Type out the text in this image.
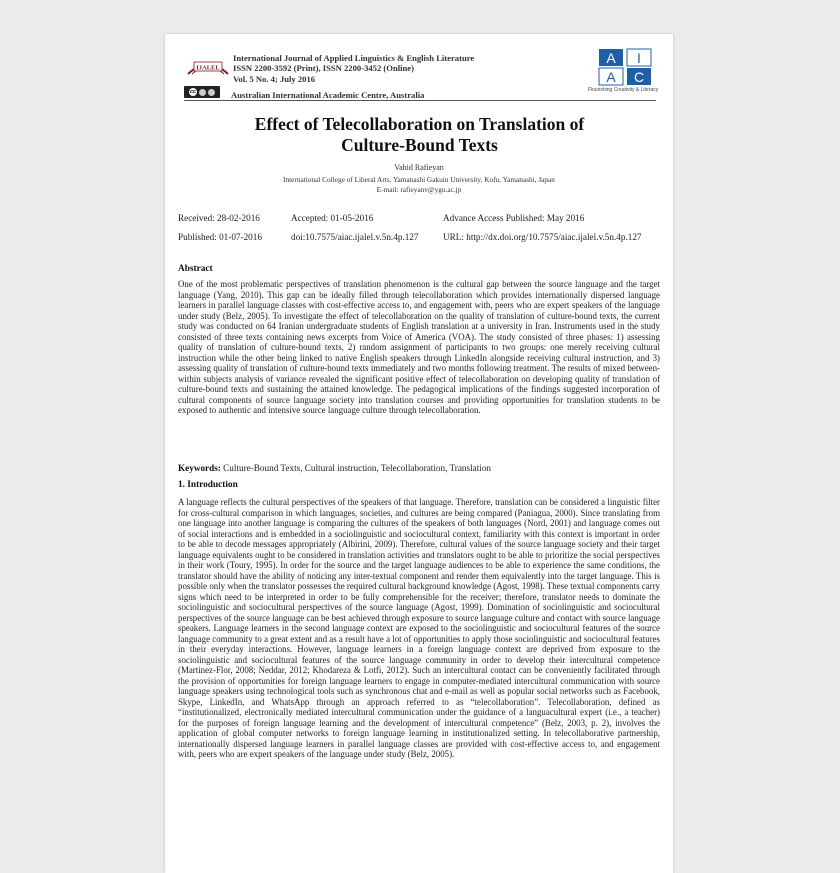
IJALEL
International Journal of Applied Linguistics & English Literature
ISSN 2200-3592 (Print), ISSN 2200-3452 (Online)
Vol. 5 No. 4; July 2016
cc	Australian International Academic Centre, Australia
A I
A C
Flourishing Creativity & Literacy
Effect of Telecollaboration on Translation of
Culture-Bound Texts
Vahid Rafieyan
International College of Liberal Arts, Yamanashi Gakuin University, Kofu, Yamanashi, Japan
E-mail: rafieyanv@ygu.ac.jp
Received: 28-02-2016	Accepted: 01-05-2016	Advance Access Published: May 2016
Published: 01-07-2016	doi:10.7575/aiac.ijalel.v.5n.4p.127	URL: http://dx.doi.org/10.7575/aiac.ijalel.v.5n.4p.127
Abstract
One of the most problematic perspectives of translation phenomenon is the cultural gap between the source language and the target language (Yang, 2010). This gap can be ideally filled through telecollaboration which provides internationally dispersed language learners in parallel language classes with cost-effective access to, and engagement with, peers who are expert speakers of the language under study (Belz, 2005). To investigate the effect of telecollaboration on the quality of translation of culture-bound texts, the current study was conducted on 64 Iranian undergraduate students of English translation at a university in Iran. Instruments used in the study consisted of three texts containing news excerpts from Voice of America (VOA). The study consisted of three phases: 1) assessing quality of translation of culture-bound texts, 2) random assignment of participants to two groups: one merely receiving cultural instruction while the other being linked to native English speakers through LinkedIn alongside receiving cultural instruction, and 3) assessing quality of translation of culture-bound texts immediately and two months following treatment. The results of mixed between-within subjects analysis of variance revealed the significant positive effect of telecollaboration on developing quality of translation of culture-bound texts and sustaining the attained knowledge. The pedagogical implications of the findings suggested incorporation of cultural components of source language society into translation courses and providing opportunities for translation students to be exposed to authentic and intensive source language culture through telecollaboration.
Keywords: Culture-Bound Texts, Cultural instruction, Telecollaboration, Translation
1. Introduction
A language reflects the cultural perspectives of the speakers of that language. Therefore, translation can be considered a linguistic filter for cross-cultural comparison in which languages, societies, and cultures are being compared (Paniagua, 2000). Since translating from one language into another language is comparing the cultures of the speakers of both languages (Nord, 2001) and language comes out of social interactions and is embedded in a sociolinguistic and sociocultural context, familiarity with this context is important in order to be able to decode messages appropriately (Albirini, 2009). Therefore, cultural values of the source language society and their target language equivalents ought to be considered in translation activities and translators ought to be able to prioritize the social perspectives in their work (Toury, 1995). In order for the source and the target language audiences to be able to experience the same conditions, the translator should have the ability of noticing any inter-textual component and render them equivalently into the target language. This is possible only when the translator possesses the required cultural background knowledge (Agost, 1998). These textual components carry signs which need to be interpreted in order to be fully comprehensible for the receiver; therefore, translator needs to dominate the sociolinguistic and sociocultural perspectives of the source language (Agost, 1999). Domination of sociolinguistic and sociocultural perspectives of the source language can be best achieved through exposure to source language culture and contact with source language speakers. Language learners in the second language context are exposed to the sociolinguistic and sociocultural features of the source language community to a great extent and as a result have a lot of opportunities to apply those sociolinguistic and sociocultural features in their everyday interactions. However, language learners in a foreign language context are deprived from exposure to the sociolinguistic and sociocultural features of the source language community in order to develop their intercultural competence (Martinez-Flor, 2008; Neddar, 2012; Khodareza & Lotfi, 2012). Such an intercultural contact can be conveniently facilitated through the provision of opportunities for foreign language learners to engage in computer-mediated intercultural communication with source language speakers using technological tools such as synchronous chat and e-mail as well as popular social networks such as Facebook, Skype, LinkedIn, and WhatsApp through an approach referred to as “telecollaboration”. Telecollaboration, defined as “institutionalized, electronically mediated intercultural communication under the guidance of a languacultural expert (i.e., a teacher) for the purposes of foreign language learning and the development of intercultural competence” (Belz, 2003, p. 2), involves the application of global computer networks to foreign language learning in institutionalized setting. In telecollaborative partnership, internationally dispersed language learners in parallel language classes are provided with cost-effective access to, and engagement with, peers who are expert speakers of the language under study (Belz, 2005).
